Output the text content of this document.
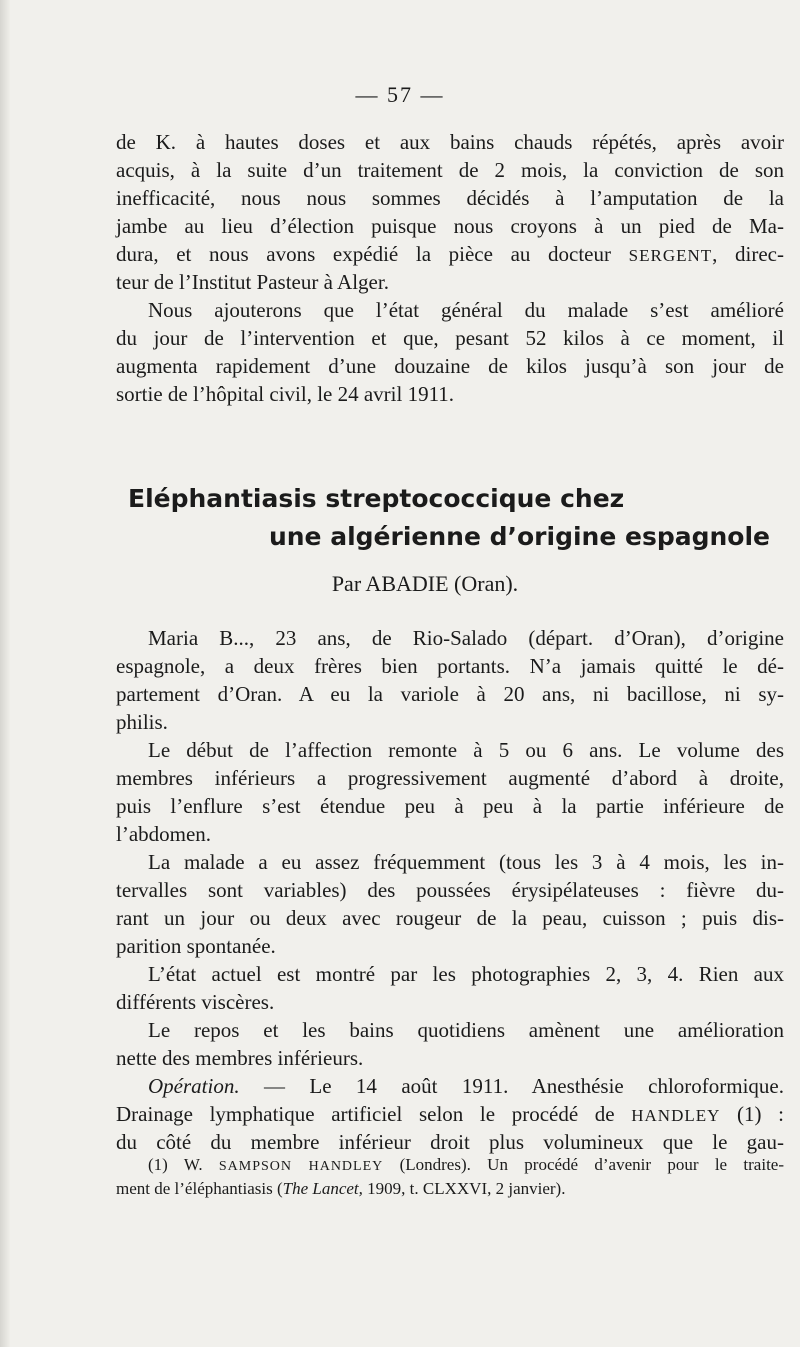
— 57 —
de K. à hautes doses et aux bains chauds répétés, après avoir
acquis, à la suite d’un traitement de 2 mois, la conviction de son
inefficacité, nous nous sommes décidés à l’amputation de la
jambe au lieu d’élection puisque nous croyons à un pied de Ma-
dura, et nous avons expédié la pièce au docteur SERGENT, direc-
teur de l’Institut Pasteur à Alger.
Nous ajouterons que l’état général du malade s’est amélioré
du jour de l’intervention et que, pesant 52 kilos à ce moment, il
augmenta rapidement d’une douzaine de kilos jusqu’à son jour de
sortie de l’hôpital civil, le 24 avril 1911.
Eléphantiasis streptococcique chez
une algérienne d’origine espagnole
Par ABADIE (Oran).
Maria B..., 23 ans, de Rio-Salado (départ. d’Oran), d’origine
espagnole, a deux frères bien portants. N’a jamais quitté le dé-
partement d’Oran. A eu la variole à 20 ans, ni bacillose, ni sy-
philis.
Le début de l’affection remonte à 5 ou 6 ans. Le volume des
membres inférieurs a progressivement augmenté d’abord à droite,
puis l’enflure s’est étendue peu à peu à la partie inférieure de
l’abdomen.
La malade a eu assez fréquemment (tous les 3 à 4 mois, les in-
tervalles sont variables) des poussées érysipélateuses : fièvre du-
rant un jour ou deux avec rougeur de la peau, cuisson ; puis dis-
parition spontanée.
L’état actuel est montré par les photographies 2, 3, 4. Rien aux
différents viscères.
Le repos et les bains quotidiens amènent une amélioration
nette des membres inférieurs.
Opération. — Le 14 août 1911. Anesthésie chloroformique.
Drainage lymphatique artificiel selon le procédé de HANDLEY (1) :
du côté du membre inférieur droit plus volumineux que le gau-
(1) W. SAMPSON HANDLEY (Londres). Un procédé d’avenir pour le traite-
ment de l’éléphantiasis (The Lancet, 1909, t. CLXXVI, 2 janvier).
